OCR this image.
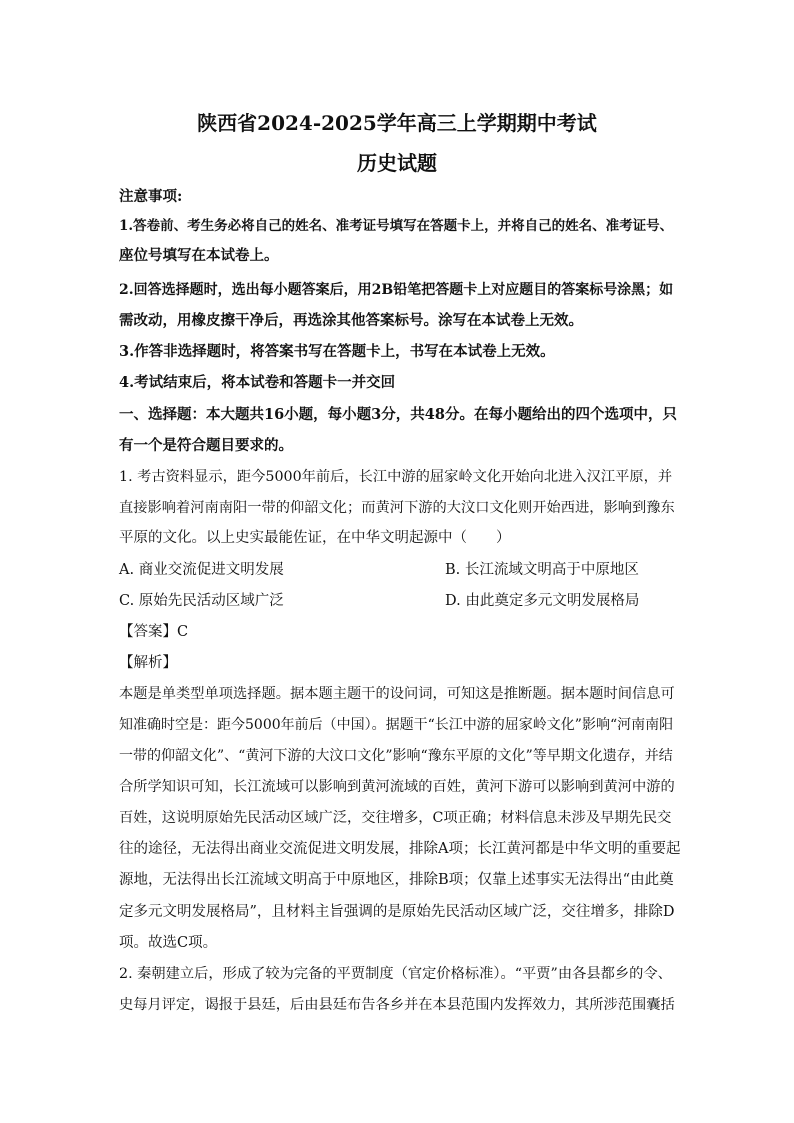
陕西省2024-2025学年高三上学期期中考试
历史试题
注意事项:
1.答卷前、考生务必将自己的姓名、准考证号填写在答题卡上，并将自己的姓名、准考证号、
座位号填写在本试卷上。
2.回答选择题时，选出每小题答案后，用2B铅笔把答题卡上对应题目的答案标号涂黑；如
需改动，用橡皮擦干净后，再选涂其他答案标号。涂写在本试卷上无效。
3.作答非选择题时，将答案书写在答题卡上，书写在本试卷上无效。
4.考试结束后，将本试卷和答题卡一并交回
一、选择题：本大题共16小题，每小题3分，共48分。在每小题给出的四个选项中，只
有一个是符合题目要求的。
1. 考古资料显示，距今5000年前后，长江中游的屈家岭文化开始向北进入汉江平原，并
直接影响着河南南阳一带的仰韶文化；而黄河下游的大汶口文化则开始西进，影响到豫东
平原的文化。以上史实最能佐证，在中华文明起源中（　　）
A. 商业交流促进文明发展	B. 长江流域文明高于中原地区
C. 原始先民活动区域广泛	D. 由此奠定多元文明发展格局
【答案】C
【解析】
本题是单类型单项选择题。据本题主题干的设问词，可知这是推断题。据本题时间信息可
知准确时空是：距今5000年前后（中国）。据题干“长江中游的屈家岭文化”影响“河南南阳
一带的仰韶文化”、“黄河下游的大汶口文化”影响“豫东平原的文化”等早期文化遗存，并结
合所学知识可知，长江流域可以影响到黄河流域的百姓，黄河下游可以影响到黄河中游的
百姓，这说明原始先民活动区域广泛，交往增多，C项正确；材料信息未涉及早期先民交
往的途径，无法得出商业交流促进文明发展，排除A项；长江黄河都是中华文明的重要起
源地，无法得出长江流域文明高于中原地区，排除B项；仅靠上述事实无法得出“由此奠
定多元文明发展格局”，且材料主旨强调的是原始先民活动区域广泛，交往增多，排除D
项。故选C项。
2. 秦朝建立后，形成了较为完备的平贾制度（官定价格标准）。“平贾”由各县都乡的令、
史每月评定，谒报于县廷，后由县廷布告各乡并在本县范围内发挥效力，其所涉范围囊括
